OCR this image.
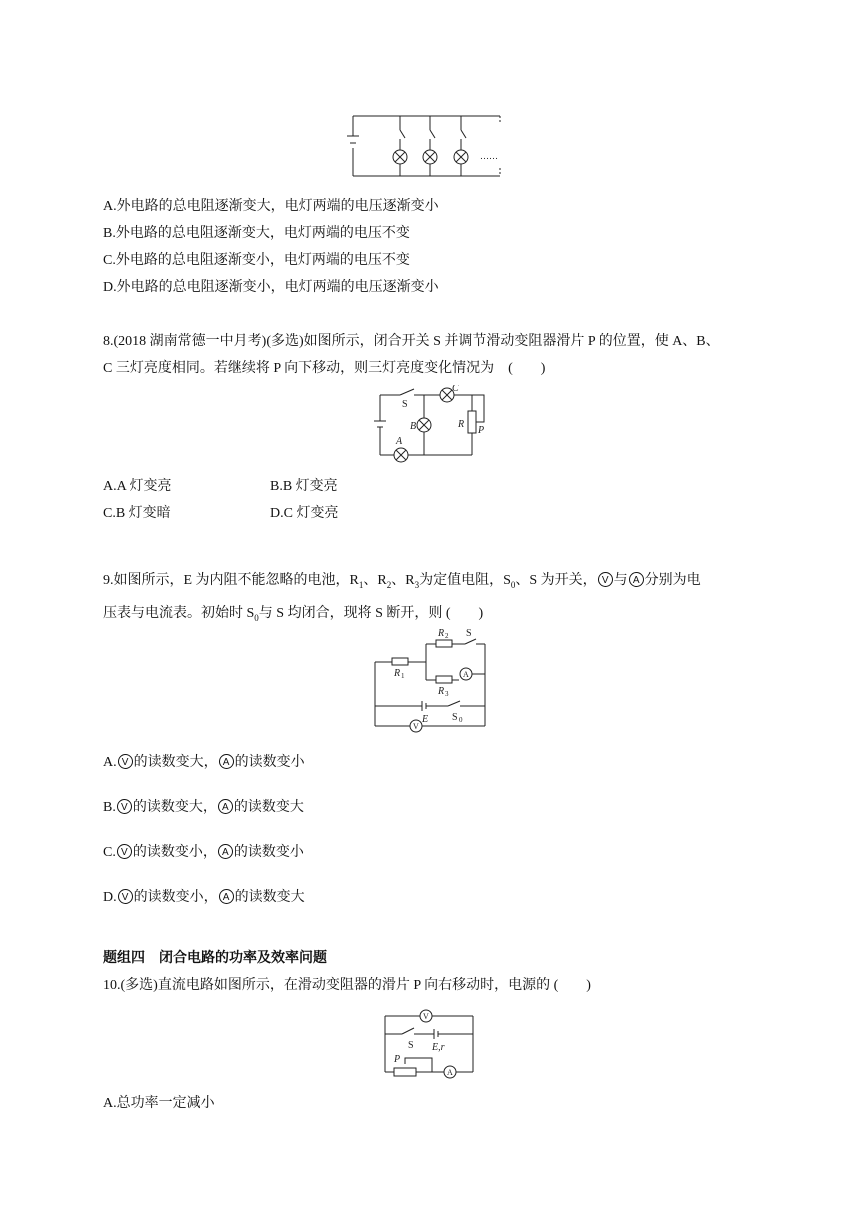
……
A.外电路的总电阻逐渐变大，电灯两端的电压逐渐变小
B.外电路的总电阻逐渐变大，电灯两端的电压不变
C.外电路的总电阻逐渐变小，电灯两端的电压不变
D.外电路的总电阻逐渐变小，电灯两端的电压逐渐变小
8.(2018 湖南常德一中月考)(多选)如图所示，闭合开关 S 并调节滑动变阻器滑片 P 的位置，使 A、B、
C 三灯亮度相同。若继续将 P 向下移动，则三灯亮度变化情况为　(　　)
S
C
B	R
P
A
A.A 灯变亮	B.B 灯变亮
C.B 灯变暗	D.C 灯变亮
9.如图所示，E 为内阻不能忽略的电池，$R_1$、$R_2$、$R_3$为定值电阻，$S_0$、S 为开关， V 与 A 分别为电
压表与电流表。初始时 $S_0$与 S 均闭合，现将 S 断开，则 (　　)
R 1
R 2 S
R 3
A
E S 0
V
A. V 的读数变大， A 的读数变小
B. V 的读数变大， A 的读数变大
C. V 的读数变小， A 的读数变小
D. V 的读数变小， A 的读数变大
题组四　闭合电路的功率及效率问题
10.(多选)直流电路如图所示，在滑动变阻器的滑片 P 向右移动时，电源的 (　　)
V
S E,r
P
A
A.总功率一定减小
